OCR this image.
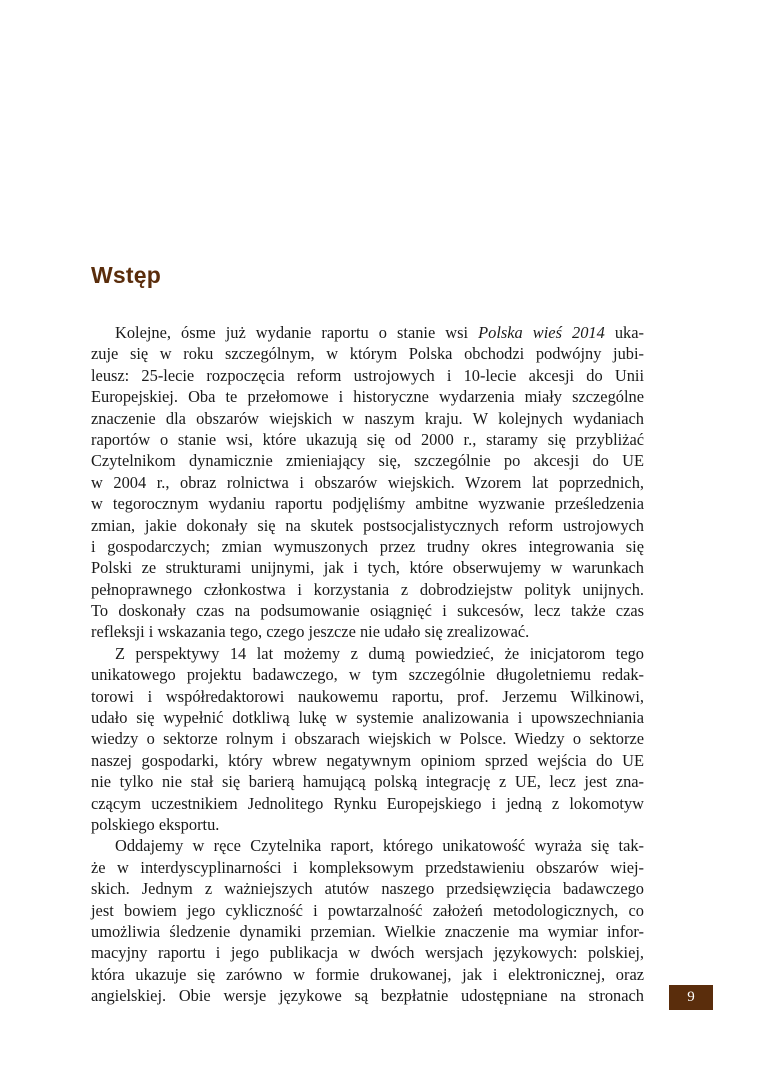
Wstęp

Kolejne, ósme już wydanie raportu o stanie wsi Polska wieś 2014 uka-
zuje się w roku szczególnym, w którym Polska obchodzi podwójny jubi-
leusz: 25-lecie rozpoczęcia reform ustrojowych i 10-lecie akcesji do Unii
Europejskiej. Oba te przełomowe i historyczne wydarzenia miały szczególne
znaczenie dla obszarów wiejskich w naszym kraju. W kolejnych wydaniach
raportów o stanie wsi, które ukazują się od 2000 r., staramy się przybliżać
Czytelnikom dynamicznie zmieniający się, szczególnie po akcesji do UE
w 2004 r., obraz rolnictwa i obszarów wiejskich. Wzorem lat poprzednich,
w tegorocznym wydaniu raportu podjęliśmy ambitne wyzwanie prześledzenia
zmian, jakie dokonały się na skutek postsocjalistycznych reform ustrojowych
i gospodarczych; zmian wymuszonych przez trudny okres integrowania się
Polski ze strukturami unijnymi, jak i tych, które obserwujemy w warunkach
pełnoprawnego członkostwa i korzystania z dobrodziejstw polityk unijnych.
To doskonały czas na podsumowanie osiągnięć i sukcesów, lecz także czas
refleksji i wskazania tego, czego jeszcze nie udało się zrealizować.

Z perspektywy 14 lat możemy z dumą powiedzieć, że inicjatorom tego
unikatowego projektu badawczego, w tym szczególnie długoletniemu redak-
torowi i współredaktorowi naukowemu raportu, prof. Jerzemu Wilkinowi,
udało się wypełnić dotkliwą lukę w systemie analizowania i upowszechniania
wiedzy o sektorze rolnym i obszarach wiejskich w Polsce. Wiedzy o sektorze
naszej gospodarki, który wbrew negatywnym opiniom sprzed wejścia do UE
nie tylko nie stał się barierą hamującą polską integrację z UE, lecz jest zna-
czącym uczestnikiem Jednolitego Rynku Europejskiego i jedną z lokomotyw
polskiego eksportu.

Oddajemy w ręce Czytelnika raport, którego unikatowość wyraża się tak-
że w interdyscyplinarności i kompleksowym przedstawieniu obszarów wiej-
skich. Jednym z ważniejszych atutów naszego przedsięwzięcia badawczego
jest bowiem jego cykliczność i powtarzalność założeń metodologicznych, co
umożliwia śledzenie dynamiki przemian. Wielkie znaczenie ma wymiar infor-
macyjny raportu i jego publikacja w dwóch wersjach językowych: polskiej,
która ukazuje się zarówno w formie drukowanej, jak i elektronicznej, oraz
angielskiej. Obie wersje językowe są bezpłatnie udostępniane na stronach	9
